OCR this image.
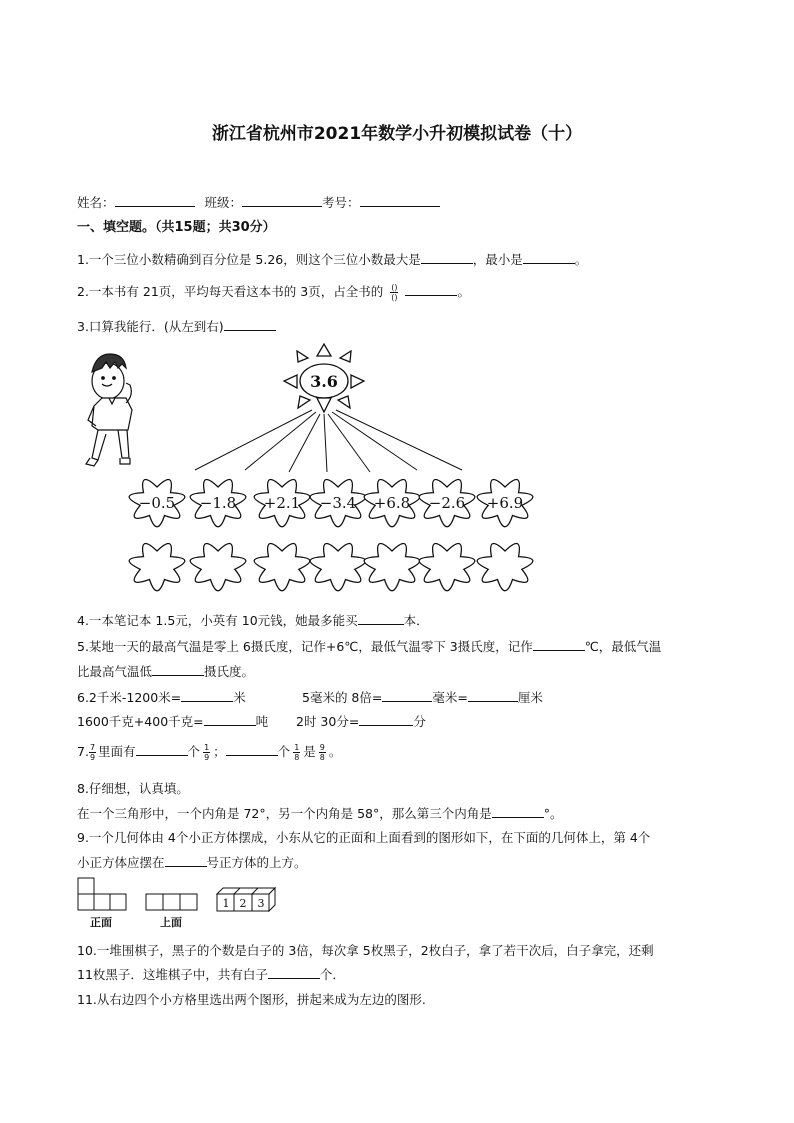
浙江省杭州市2021年数学小升初模拟试卷（十）
姓名：	班级：	考号：
一、填空题。（共15题；共30分）
1.一个三位小数精确到百分位是 5.26，则这个三位小数最大是	，最小是	。
2.一本书有 21页，平均每天看这本书的 3页，占全书的 $\frac{()}{()}$	。
3.口算我能行．(从左到右)
3.6
−0.5 −1.8 +2.1 −3.4 +6.8 −2.6 +6.9
1 2 3
正面	上面
4.一本笔记本 1.5元，小英有 10元钱，她最多能买	本．
5.某地一天的最高气温是零上 6摄氏度，记作+6℃，最低气温零下 3摄氏度，记作	℃，最低气温
比最高气温低	摄氏度。
6.2千米-1200米=	米	5毫米的 8倍=	毫米=	厘米
1600千克+400千克=	吨 2时 30分=	分
7. $\frac{7}{9}$ 里面有	个 $\frac{1}{9}$ ；	个 $\frac{1}{8}$ 是 $\frac{9}{8}$ 。
8.仔细想，认真填。
在一个三角形中，一个内角是 72°，另一个内角是 58°，那么第三个内角是	°。
9.一个几何体由 4个小正方体摆成，小东从它的正面和上面看到的图形如下，在下面的几何体上，第 4个
小正方体应摆在	号正方体的上方。
10.一堆围棋子，黑子的个数是白子的 3倍，每次拿 5枚黑子，2枚白子，拿了若干次后，白子拿完，还剩
11枚黑子．这堆棋子中，共有白子	个．
11.从右边四个小方格里选出两个图形，拼起来成为左边的图形.
